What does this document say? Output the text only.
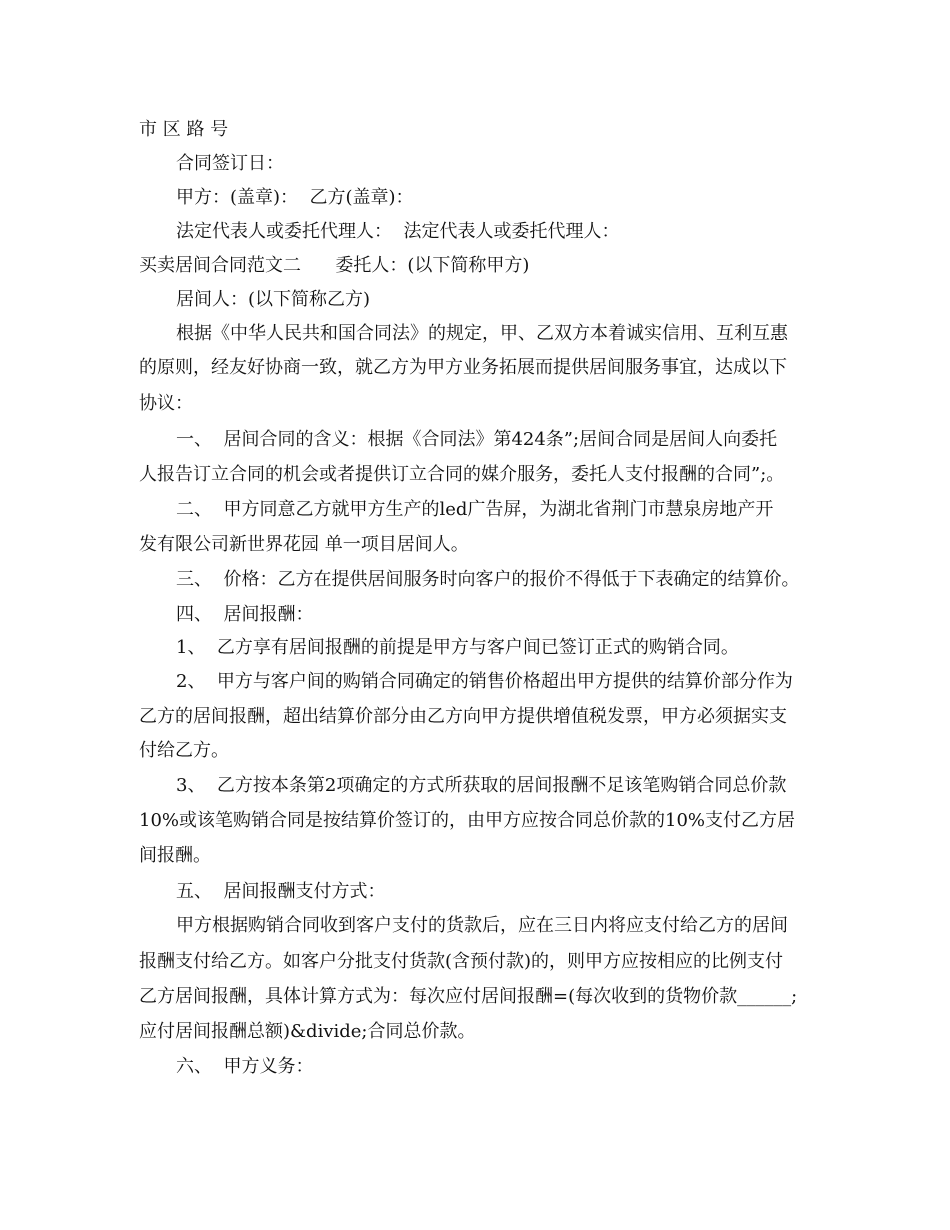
市 区 路 号
合同签订日：
甲方：(盖章)：  乙方(盖章)：
法定代表人或委托代理人：  法定代表人或委托代理人：
买卖居间合同范文二      委托人：(以下简称甲方)
居间人：(以下简称乙方)
根据《中华人民共和国合同法》的规定，甲、乙双方本着诚实信用、互利互惠
的原则，经友好协商一致，就乙方为甲方业务拓展而提供居间服务事宜，达成以下
协议：
一、  居间合同的含义：根据《合同法》第424条”;居间合同是居间人向委托
人报告订立合同的机会或者提供订立合同的媒介服务，委托人支付报酬的合同”;。
二、  甲方同意乙方就甲方生产的led广告屏，为湖北省荆门市慧泉房地产开
发有限公司新世界花园 单一项目居间人。
三、  价格：乙方在提供居间服务时向客户的报价不得低于下表确定的结算价。
四、  居间报酬：
1、  乙方享有居间报酬的前提是甲方与客户间已签订正式的购销合同。
2、  甲方与客户间的购销合同确定的销售价格超出甲方提供的结算价部分作为
乙方的居间报酬，超出结算价部分由乙方向甲方提供增值税发票，甲方必须据实支
付给乙方。
3、  乙方按本条第2项确定的方式所获取的居间报酬不足该笔购销合同总价款
10%或该笔购销合同是按结算价签订的，由甲方应按合同总价款的10%支付乙方居
间报酬。
五、  居间报酬支付方式：
甲方根据购销合同收到客户支付的货款后，应在三日内将应支付给乙方的居间
报酬支付给乙方。如客户分批支付货款(含预付款)的，则甲方应按相应的比例支付
乙方居间报酬，具体计算方式为：每次应付居间报酬=(每次收到的货物价款______;
应付居间报酬总额)&divide;合同总价款。
六、  甲方义务：
